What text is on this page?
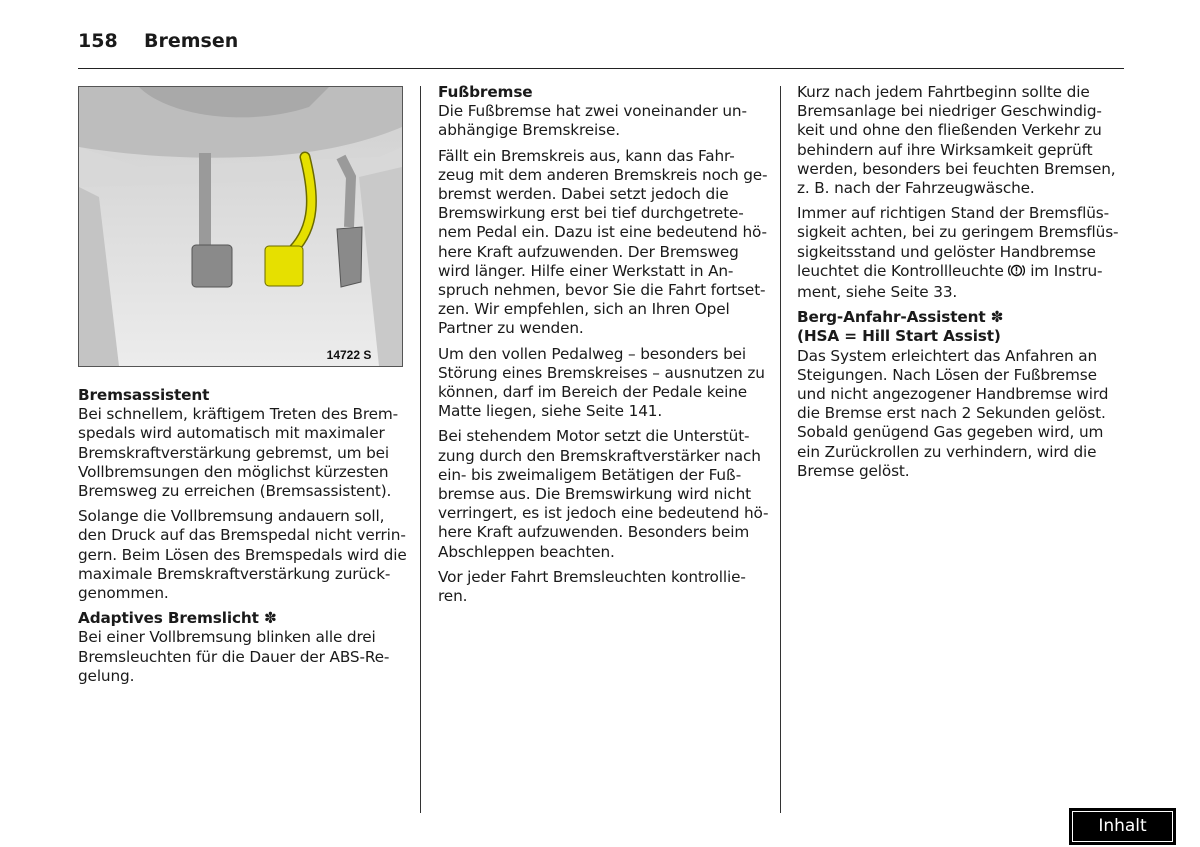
158 Bremsen
14722 S
Bremsassistent

Bei schnellem, kräftigem Treten des Brem-
spedals wird automatisch mit maximaler
Bremskraftverstärkung gebremst, um bei
Vollbremsungen den möglichst kürzesten
Bremsweg zu erreichen (Bremsassistent).

Solange die Vollbremsung andauern soll,
den Druck auf das Bremspedal nicht verrin-
gern. Beim Lösen des Bremspedals wird die
maximale Bremskraftverstärkung zurück-
genommen.

Adaptives Bremslicht ✽

Bei einer Vollbremsung blinken alle drei
Bremsleuchten für die Dauer der ABS-Re-
gelung.

Fußbremse

Die Fußbremse hat zwei voneinander un-
abhängige Bremskreise.

Fällt ein Bremskreis aus, kann das Fahr-
zeug mit dem anderen Bremskreis noch ge-
bremst werden. Dabei setzt jedoch die
Bremswirkung erst bei tief durchgetrete-
nem Pedal ein. Dazu ist eine bedeutend hö-
here Kraft aufzuwenden. Der Bremsweg
wird länger. Hilfe einer Werkstatt in An-
spruch nehmen, bevor Sie die Fahrt fortset-
zen. Wir empfehlen, sich an Ihren Opel
Partner zu wenden.

Um den vollen Pedalweg – besonders bei
Störung eines Bremskreises – ausnutzen zu
können, darf im Bereich der Pedale keine
Matte liegen, siehe Seite 141.

Bei stehendem Motor setzt die Unterstüt-
zung durch den Bremskraftverstärker nach
ein- bis zweimaligem Betätigen der Fuß-
bremse aus. Die Bremswirkung wird nicht
verringert, es ist jedoch eine bedeutend hö-
here Kraft aufzuwenden. Besonders beim
Abschleppen beachten.

Vor jeder Fahrt Bremsleuchten kontrollie-
ren.

Kurz nach jedem Fahrtbeginn sollte die
Bremsanlage bei niedriger Geschwindig-
keit und ohne den fließenden Verkehr zu
behindern auf ihre Wirksamkeit geprüft
werden, besonders bei feuchten Bremsen,
z. B. nach der Fahrzeugwäsche.

Immer auf richtigen Stand der Bremsflüs-
sigkeit achten, bei zu geringem Bremsflüs-
sigkeitsstand und gelöster Handbremse
leuchtet die Kontrollleuchte  im Instru-
ment, siehe Seite 33.

Berg-Anfahr-Assistent ✽
(HSA = Hill Start Assist)

Das System erleichtert das Anfahren an
Steigungen. Nach Lösen der Fußbremse
und nicht angezogener Handbremse wird
die Bremse erst nach 2 Sekunden gelöst.
Sobald genügend Gas gegeben wird, um
ein Zurückrollen zu verhindern, wird die
Bremse gelöst.

Inhalt
